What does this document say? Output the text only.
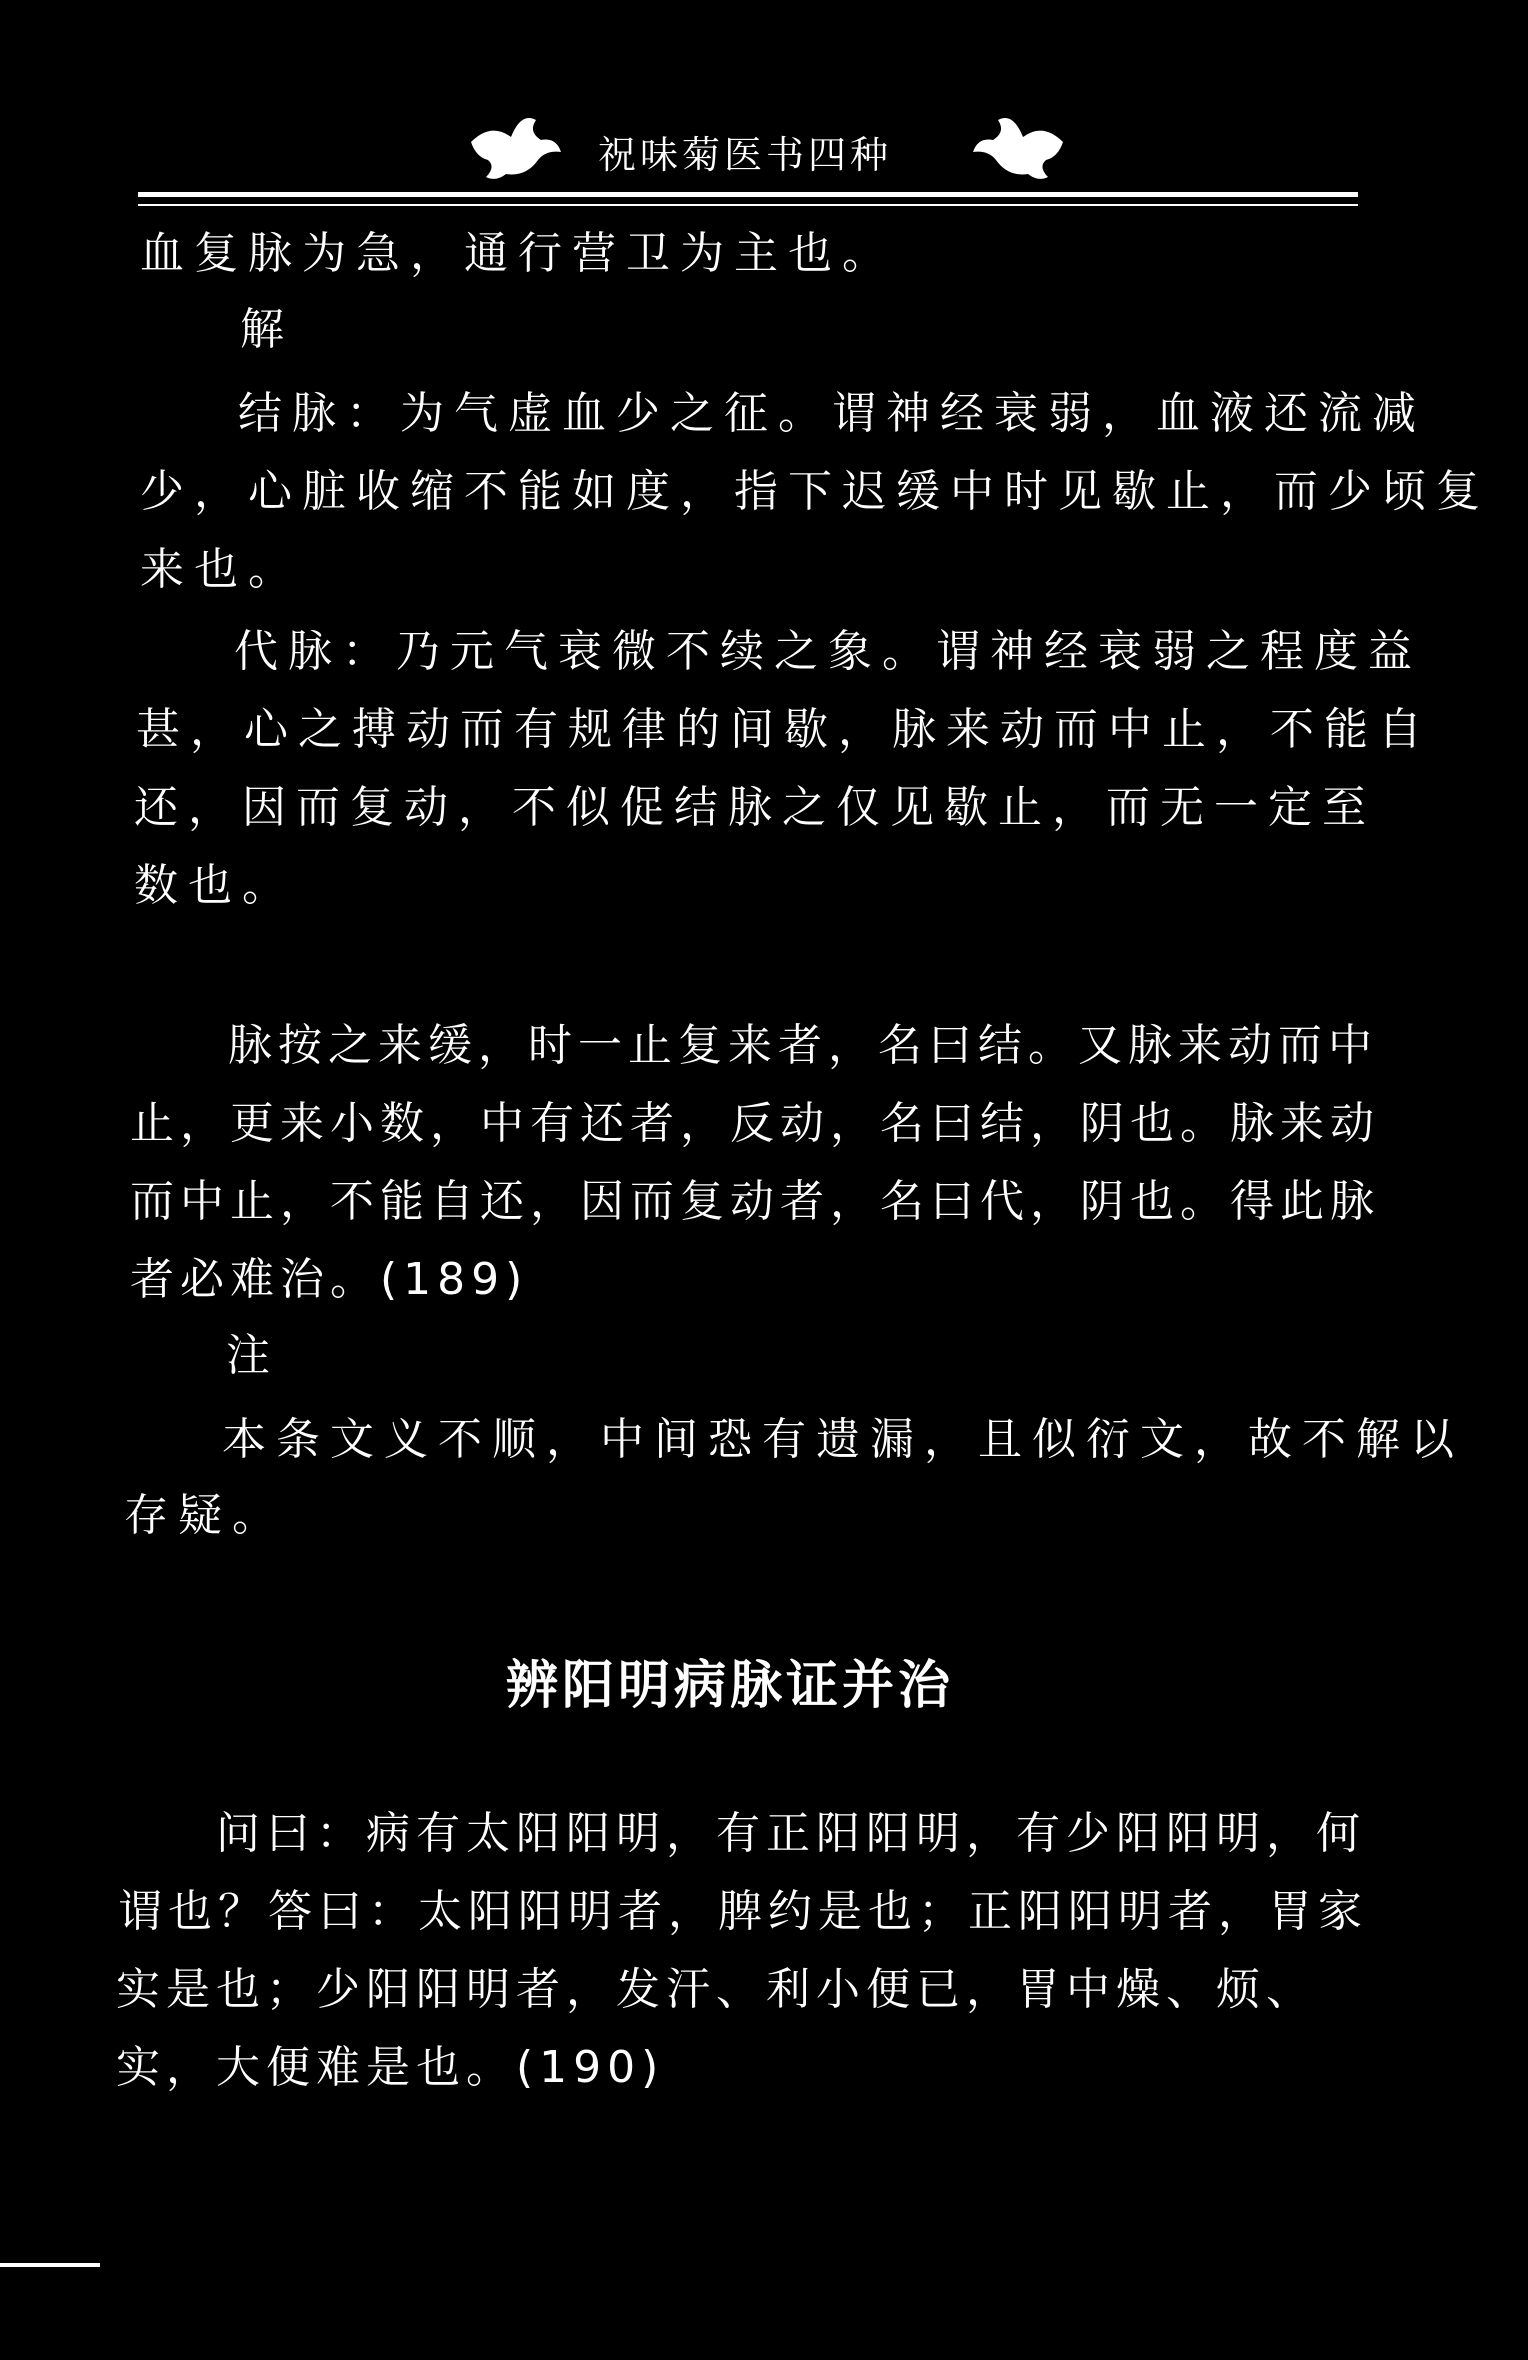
祝味菊医书四种
血复脉为急，通行营卫为主也。
解
结脉：为气虚血少之征。谓神经衰弱，血液还流减
少，心脏收缩不能如度，指下迟缓中时见歇止，而少顷复
来也。
代脉：乃元气衰微不续之象。谓神经衰弱之程度益
甚，心之搏动而有规律的间歇，脉来动而中止，不能自
还，因而复动，不似促结脉之仅见歇止，而无一定至
数也。
脉按之来缓，时一止复来者，名曰结。又脉来动而中
止，更来小数，中有还者，反动，名曰结，阴也。脉来动
而中止，不能自还，因而复动者，名曰代，阴也。得此脉
者必难治。(189)
注
本条文义不顺，中间恐有遗漏，且似衍文，故不解以
存疑。
辨阳明病脉证并治
问曰：病有太阳阳明，有正阳阳明，有少阳阳明，何
谓也？答曰：太阳阳明者，脾约是也；正阳阳明者，胃家
实是也；少阳阳明者，发汗、利小便已，胃中燥、烦、
实，大便难是也。(190)
